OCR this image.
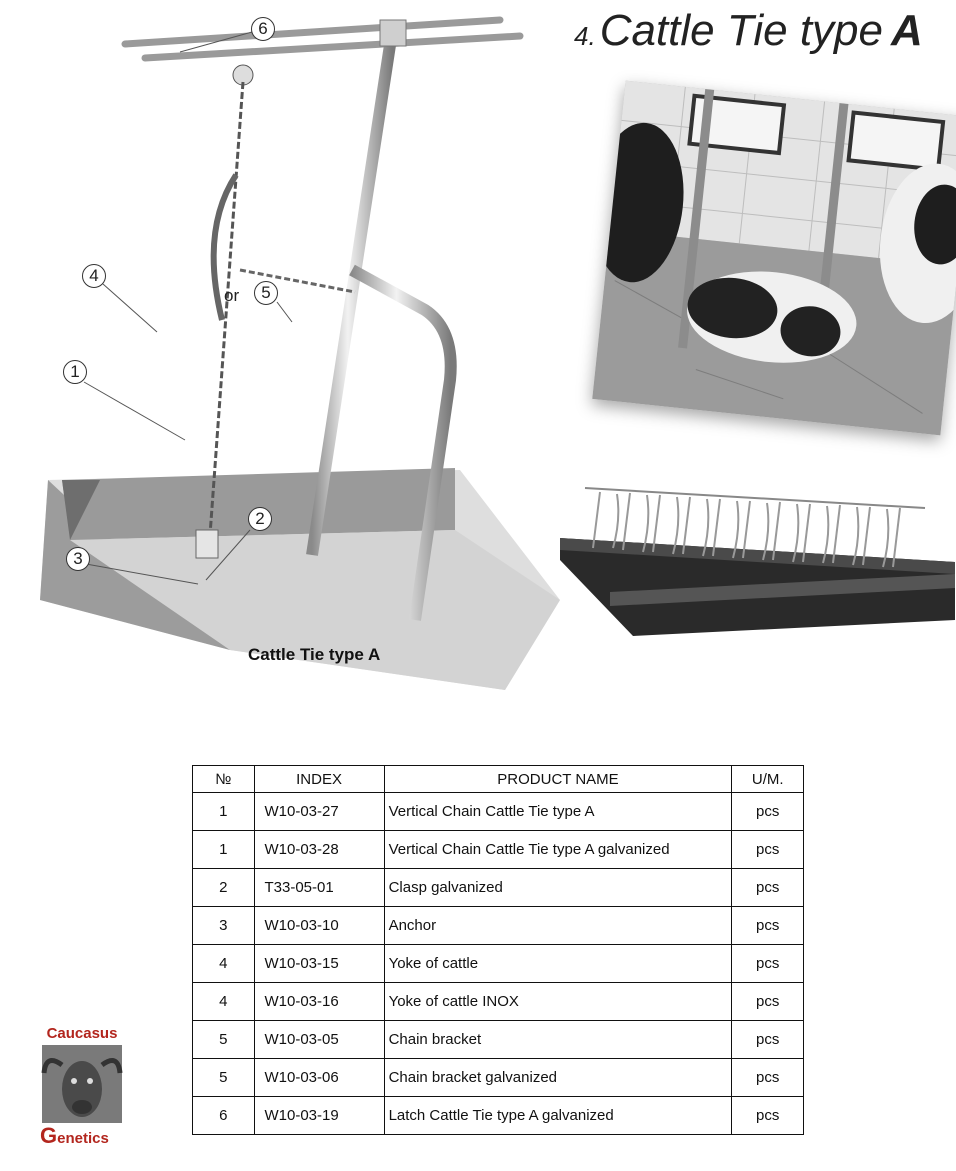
4.Cattle Tie type A
6
4
5
1
2
3
or
Cattle Tie type A
№	INDEX	PRODUCT NAME	U/M.
1	W10-03-27	Vertical Chain Cattle Tie type A	pcs
1	W10-03-28	Vertical Chain Cattle Tie type A galvanized	pcs
2	T33-05-01	Clasp galvanized	pcs
3	W10-03-10	Anchor	pcs
4	W10-03-15	Yoke of cattle	pcs
4	W10-03-16	Yoke of cattle INOX	pcs
5	W10-03-05	Chain bracket	pcs
5	W10-03-06	Chain bracket galvanized	pcs
6	W10-03-19	Latch Cattle Tie type A galvanized	pcs
Caucasus
Genetics
